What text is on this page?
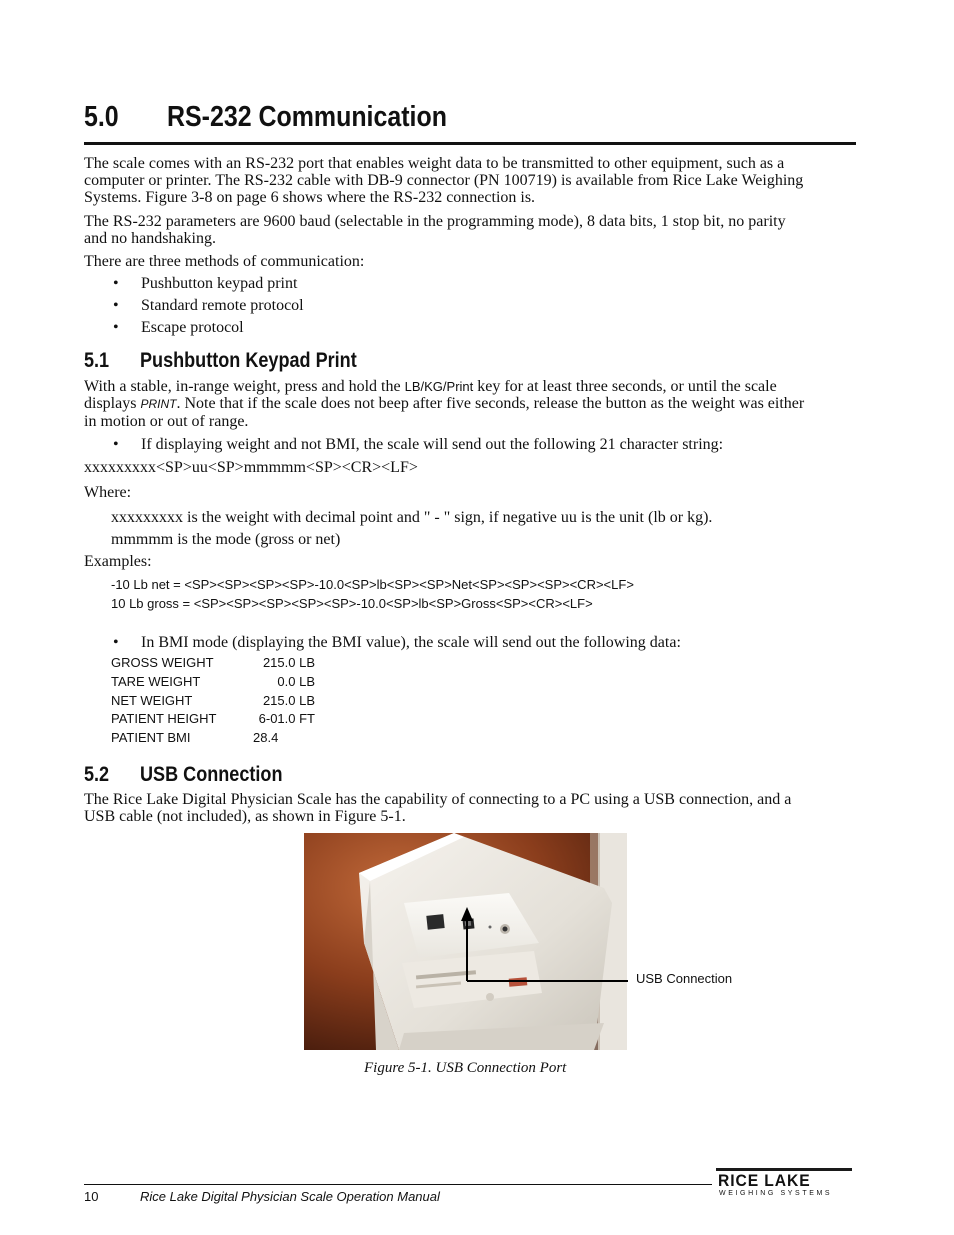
5.0 RS-232 Communication
The scale comes with an RS-232 port that enables weight data to be transmitted to other equipment, such as a
computer or printer. The RS-232 cable with DB-9 connector (PN 100719) is available from Rice Lake Weighing
Systems. Figure 3-8 on page 6 shows where the RS-232 connection is.
The RS-232 parameters are 9600 baud (selectable in the programming mode), 8 data bits, 1 stop bit, no parity
and no handshaking.
There are three methods of communication:
• Pushbutton keypad print
• Standard remote protocol
• Escape protocol
5.1 Pushbutton Keypad Print
With a stable, in-range weight, press and hold the LB/KG/Print key for at least three seconds, or until the scale
displays PRINT. Note that if the scale does not beep after five seconds, release the button as the weight was either
in motion or out of range.
• If displaying weight and not BMI, the scale will send out the following 21 character string:
xxxxxxxxx<SP>uu<SP>mmmmm<SP><CR><LF>
Where:
xxxxxxxxx is the weight with decimal point and " - " sign, if negative uu is the unit (lb or kg).
mmmmm is the mode (gross or net)
Examples:
-10 Lb net = <SP><SP><SP><SP>-10.0<SP>lb<SP><SP>Net<SP><SP><SP><CR><LF>
10 Lb gross = <SP><SP><SP><SP><SP>-10.0<SP>lb<SP>Gross<SP><CR><LF>
• In BMI mode (displaying the BMI value), the scale will send out the following data:
GROSS WEIGHT	215.0 LB
TARE WEIGHT	0.0 LB
NET WEIGHT	215.0 LB
PATIENT HEIGHT	6-01.0 FT
PATIENT BMI	28.4
5.2 USB Connection
The Rice Lake Digital Physician Scale has the capability of connecting to a PC using a USB connection, and a
USB cable (not included), as shown in Figure 5-1.
USB Connection
Figure 5-1. USB Connection Port
10	Rice Lake Digital Physician Scale Operation Manual
RICE LAKE
WEIGHING SYSTEMS
